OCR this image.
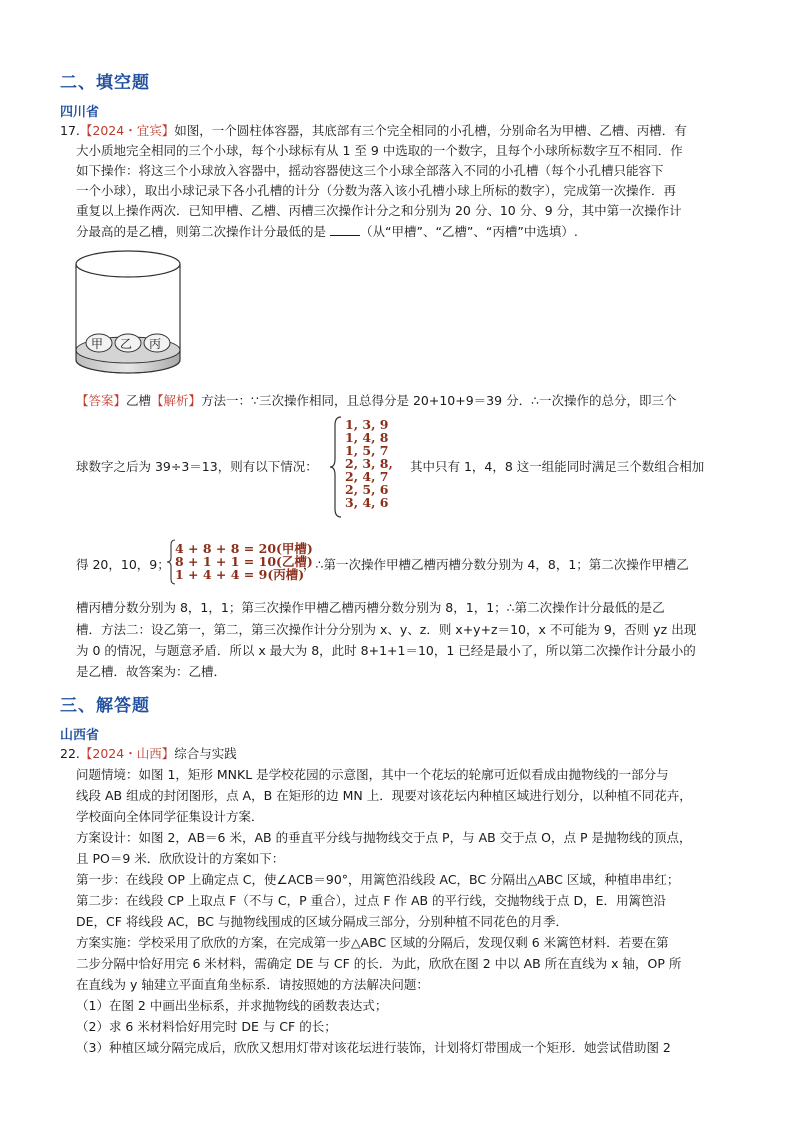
二、填空题
四川省
17.【2024・宜宾】如图，一个圆柱体容器，其底部有三个完全相同的小孔槽，分别命名为甲槽、乙槽、丙槽．有
大小质地完全相同的三个小球，每个小球标有从 1 至 9 中选取的一个数字，且每个小球所标数字互不相同．作
如下操作：将这三个小球放入容器中，摇动容器使这三个小球全部落入不同的小孔槽（每个小孔槽只能容下
一个小球），取出小球记录下各小孔槽的计分（分数为落入该小孔槽小球上所标的数字），完成第一次操作．再
重复以上操作两次．已知甲槽、乙槽、丙槽三次操作计分之和分别为 20 分、10 分、9 分，其中第一次操作计
分最高的是乙槽，则第二次操作计分最低的是	（从“甲槽”、“乙槽”、“丙槽”中选填）.
甲 乙 丙
【答案】乙槽【解析】方法一：∵三次操作相同，且总得分是 20+10+9＝39 分．∴一次操作的总分，即三个
球数字之后为 39÷3＝13，则有以下情况：
1, 3, 9
1, 4, 8
1, 5, 7
2, 3, 8,
2, 4, 7
2, 5, 6
3, 4, 6
其中只有 1，4，8 这一组能同时满足三个数组合相加
得 20，10，9；
4 + 8 + 8 = 20(甲槽)
8 + 1 + 1 = 10(乙槽)
1 + 4 + 4 = 9(丙槽)
，∴第一次操作甲槽乙槽丙槽分数分别为 4，8，1；第二次操作甲槽乙
槽丙槽分数分别为 8，1，1；第三次操作甲槽乙槽丙槽分数分别为 8，1，1；∴第二次操作计分最低的是乙
槽．方法二：设乙第一，第二，第三次操作计分分别为 x、y、z．则 x+y+z＝10，x 不可能为 9，否则 yz 出现
为 0 的情况，与题意矛盾．所以 x 最大为 8，此时 8+1+1＝10，1 已经是最小了，所以第二次操作计分最小的
是乙槽．故答案为：乙槽．
三、解答题
山西省
22.【2024・山西】综合与实践
问题情境：如图 1，矩形 MNKL 是学校花园的示意图，其中一个花坛的轮廓可近似看成由抛物线的一部分与
线段 AB 组成的封闭图形，点 A，B 在矩形的边 MN 上．现要对该花坛内种植区域进行划分，以种植不同花卉，
学校面向全体同学征集设计方案．
方案设计：如图 2，AB＝6 米，AB 的垂直平分线与抛物线交于点 P，与 AB 交于点 O，点 P 是抛物线的顶点，
且 PO＝9 米．欣欣设计的方案如下：
第一步：在线段 OP 上确定点 C，使∠ACB＝90°，用篱笆沿线段 AC，BC 分隔出△ABC 区域，种植串串红；
第二步：在线段 CP 上取点 F（不与 C，P 重合），过点 F 作 AB 的平行线，交抛物线于点 D，E．用篱笆沿
DE，CF 将线段 AC，BC 与抛物线围成的区域分隔成三部分，分别种植不同花色的月季．
方案实施：学校采用了欣欣的方案，在完成第一步△ABC 区域的分隔后，发现仅剩 6 米篱笆材料．若要在第
二步分隔中恰好用完 6 米材料，需确定 DE 与 CF 的长．为此，欣欣在图 2 中以 AB 所在直线为 x 轴，OP 所
在直线为 y 轴建立平面直角坐标系．请按照她的方法解决问题：
（1）在图 2 中画出坐标系，并求抛物线的函数表达式；
（2）求 6 米材料恰好用完时 DE 与 CF 的长；
（3）种植区域分隔完成后，欣欣又想用灯带对该花坛进行装饰，计划将灯带围成一个矩形．她尝试借助图 2
